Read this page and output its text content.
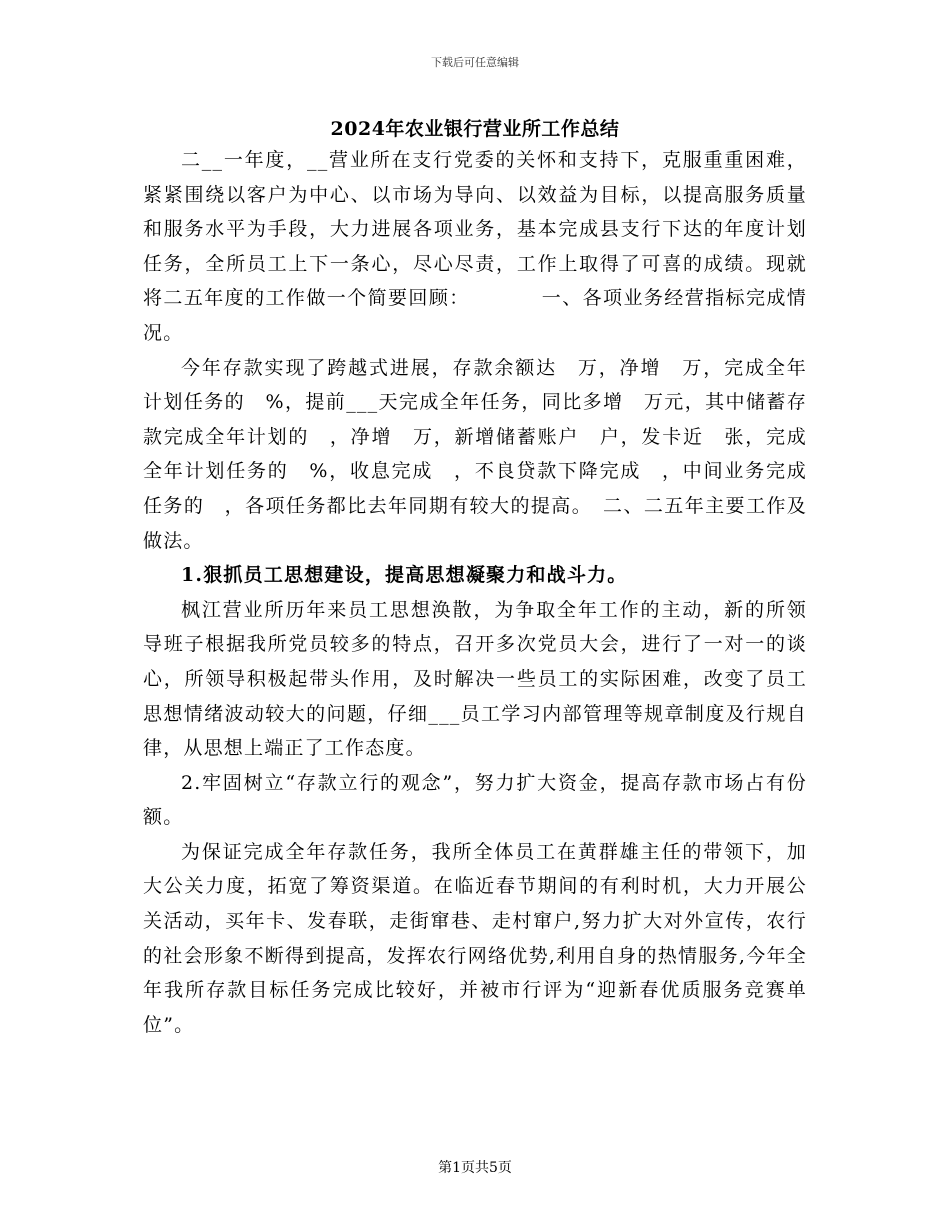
下载后可任意编辑
2024年农业银行营业所工作总结

二__一年度，__营业所在支行党委的关怀和支持下，克服重重困难，紧紧围绕以客户为中心、以市场为导向、以效益为目标，以提高服务质量和服务水平为手段，大力进展各项业务，基本完成县支行下达的年度计划任务，全所员工上下一条心，尽心尽责，工作上取得了可喜的成绩。现就将二五年度的工作做一个简要回顾：　　　　一、各项业务经营指标完成情况。

今年存款实现了跨越式进展，存款余额达　万，净增　万，完成全年计划任务的　%，提前___天完成全年任务，同比多增　万元，其中储蓄存款完成全年计划的　，净增　万，新增储蓄账户　户，发卡近　张，完成全年计划任务的　%，收息完成　，不良贷款下降完成　，中间业务完成任务的　，各项任务都比去年同期有较大的提高。　二、二五年主要工作及做法。

1.狠抓员工思想建设，提高思想凝聚力和战斗力。

枫江营业所历年来员工思想涣散，为争取全年工作的主动，新的所领导班子根据我所党员较多的特点，召开多次党员大会，进行了一对一的谈心，所领导积极起带头作用，及时解决一些员工的实际困难，改变了员工思想情绪波动较大的问题，仔细___员工学习内部管理等规章制度及行规自律，从思想上端正了工作态度。

2.牢固树立“存款立行的观念”，努力扩大资金，提高存款市场占有份额。

为保证完成全年存款任务，我所全体员工在黄群雄主任的带领下，加大公关力度，拓宽了筹资渠道。在临近春节期间的有利时机，大力开展公关活动，买年卡、发春联，走街窜巷、走村窜户,努力扩大对外宣传，农行的社会形象不断得到提高，发挥农行网络优势,利用自身的热情服务,今年全年我所存款目标任务完成比较好，并被市行评为“迎新春优质服务竞赛单位”。

第1页共5页
